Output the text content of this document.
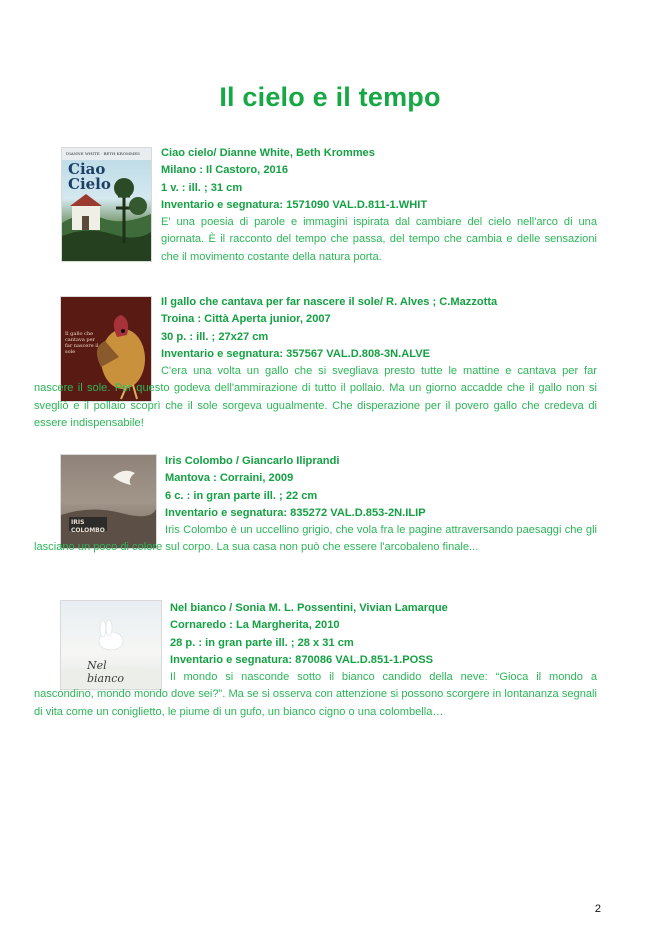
Il cielo e il tempo
Ciao Cielo
DIANNE WHITE · BETH KROMMES	Ciao cielo/ Dianne White, Beth Krommes
Milano : Il Castoro, 2016
1 v. : ill. ; 31 cm
Inventario e segnatura: 1571090 VAL.D.811-1.WHIT

E' una poesia di parole e immagini ispirata dal cambiare del cielo nell'arco di una giornata. È il racconto del tempo che passa, del tempo che cambia e delle sensazioni che il movimento costante della natura porta.

Il gallo che cantava per far nascere il sole
Il gallo che cantava per far nascere il sole/ R. Alves ; C.Mazzotta
Troina : Città Aperta junior, 2007
30 p. : ill. ; 27x27 cm
Inventario e segnatura: 357567 VAL.D.808-3N.ALVE

C'era una volta un gallo che si svegliava presto tutte le mattine e cantava per far nascere il sole. Per questo godeva dell'ammirazione di tutto il pollaio. Ma un giorno accadde che il gallo non si svegliò e il pollaio scoprì che il sole sorgeva ugualmente. Che disperazione per il povero gallo che credeva di essere indispensabile!

IRIS COLOMBO
Iris Colombo / Giancarlo Iliprandi
Mantova : Corraini, 2009
6 c. : in gran parte ill. ; 22 cm
Inventario e segnatura: 835272 VAL.D.853-2N.ILIP

Iris Colombo è un uccellino grigio, che vola fra le pagine attraversando paesaggi che gli lasciano un poco di colore sul corpo. La sua casa non può che essere l'arcobaleno finale...

Nel bianco
Nel bianco / Sonia M. L. Possentini, Vivian Lamarque
Cornaredo : La Margherita, 2010
28 p. : in gran parte ill. ; 28 x 31 cm
Inventario e segnatura: 870086 VAL.D.851-1.POSS

Il mondo si nasconde sotto il bianco candido della neve: “Gioca il mondo a nascondino, mondo mondo dove sei?”. Ma se si osserva con attenzione si possono scorgere in lontananza segnali di vita come un coniglietto, le piume di un gufo, un bianco cigno o una colombella…

2
